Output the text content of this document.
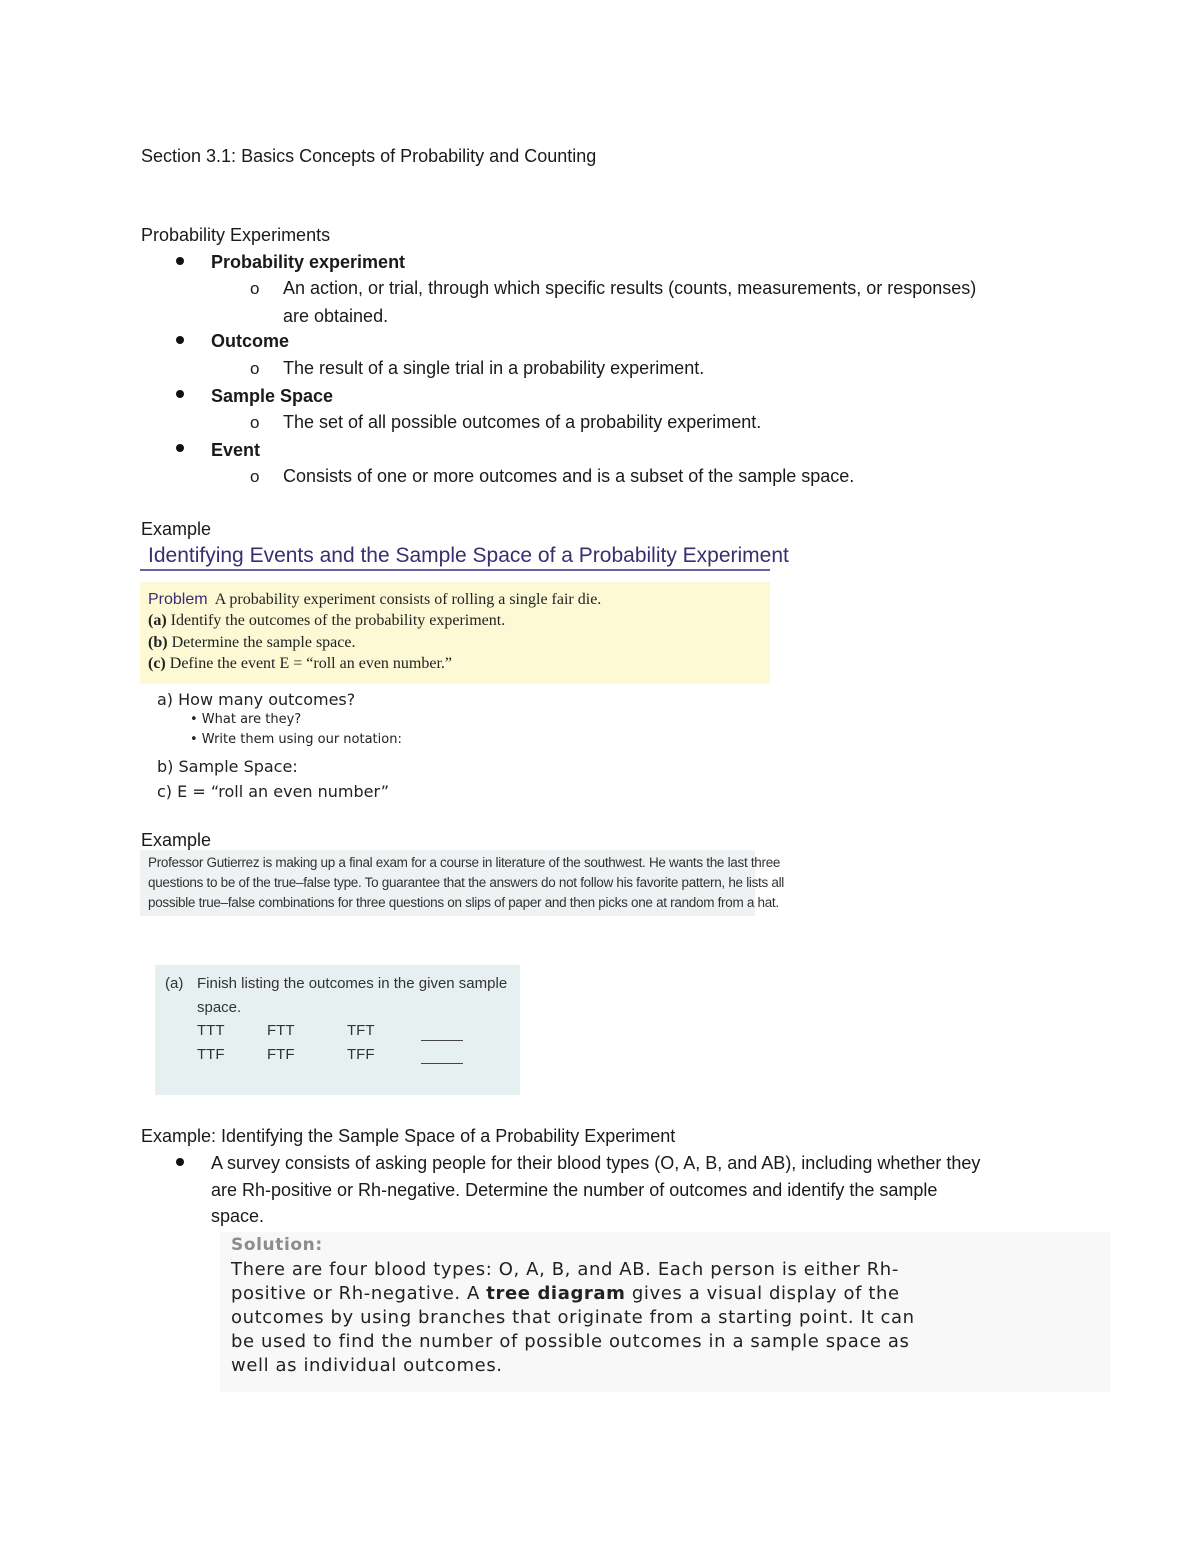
Section 3.1: Basics Concepts of Probability and Counting
Probability Experiments
Probability experiment
o An action, or trial, through which specific results (counts, measurements, or responses)
are obtained.
Outcome
o The result of a single trial in a probability experiment.
Sample Space
o The set of all possible outcomes of a probability experiment.
Event
o Consists of one or more outcomes and is a subset of the sample space.
Example
Identifying Events and the Sample Space of a Probability Experiment
Problem A probability experiment consists of rolling a single fair die.
(a) Identify the outcomes of the probability experiment.
(b) Determine the sample space.
(c) Define the event E = “roll an even number.”
a) How many outcomes?
• What are they?
• Write them using our notation:
b) Sample Space:
c) E = “roll an even number”
Example
Professor Gutierrez is making up a final exam for a course in literature of the southwest. He wants the last three
questions to be of the true–false type. To guarantee that the answers do not follow his favorite pattern, he lists all
possible true–false combinations for three questions on slips of paper and then picks one at random from a hat.
(a) Finish listing the outcomes in the given sample
space.
TTT	FTT	TFT
TTF	FTF	TFF
Example: Identifying the Sample Space of a Probability Experiment
A survey consists of asking people for their blood types (O, A, B, and AB), including whether they
are Rh-positive or Rh-negative. Determine the number of outcomes and identify the sample
space.
Solution:
There are four blood types: O, A, B, and AB. Each person is either Rh-
positive or Rh-negative. A tree diagram gives a visual display of the
outcomes by using branches that originate from a starting point. It can
be used to find the number of possible outcomes in a sample space as
well as individual outcomes.
